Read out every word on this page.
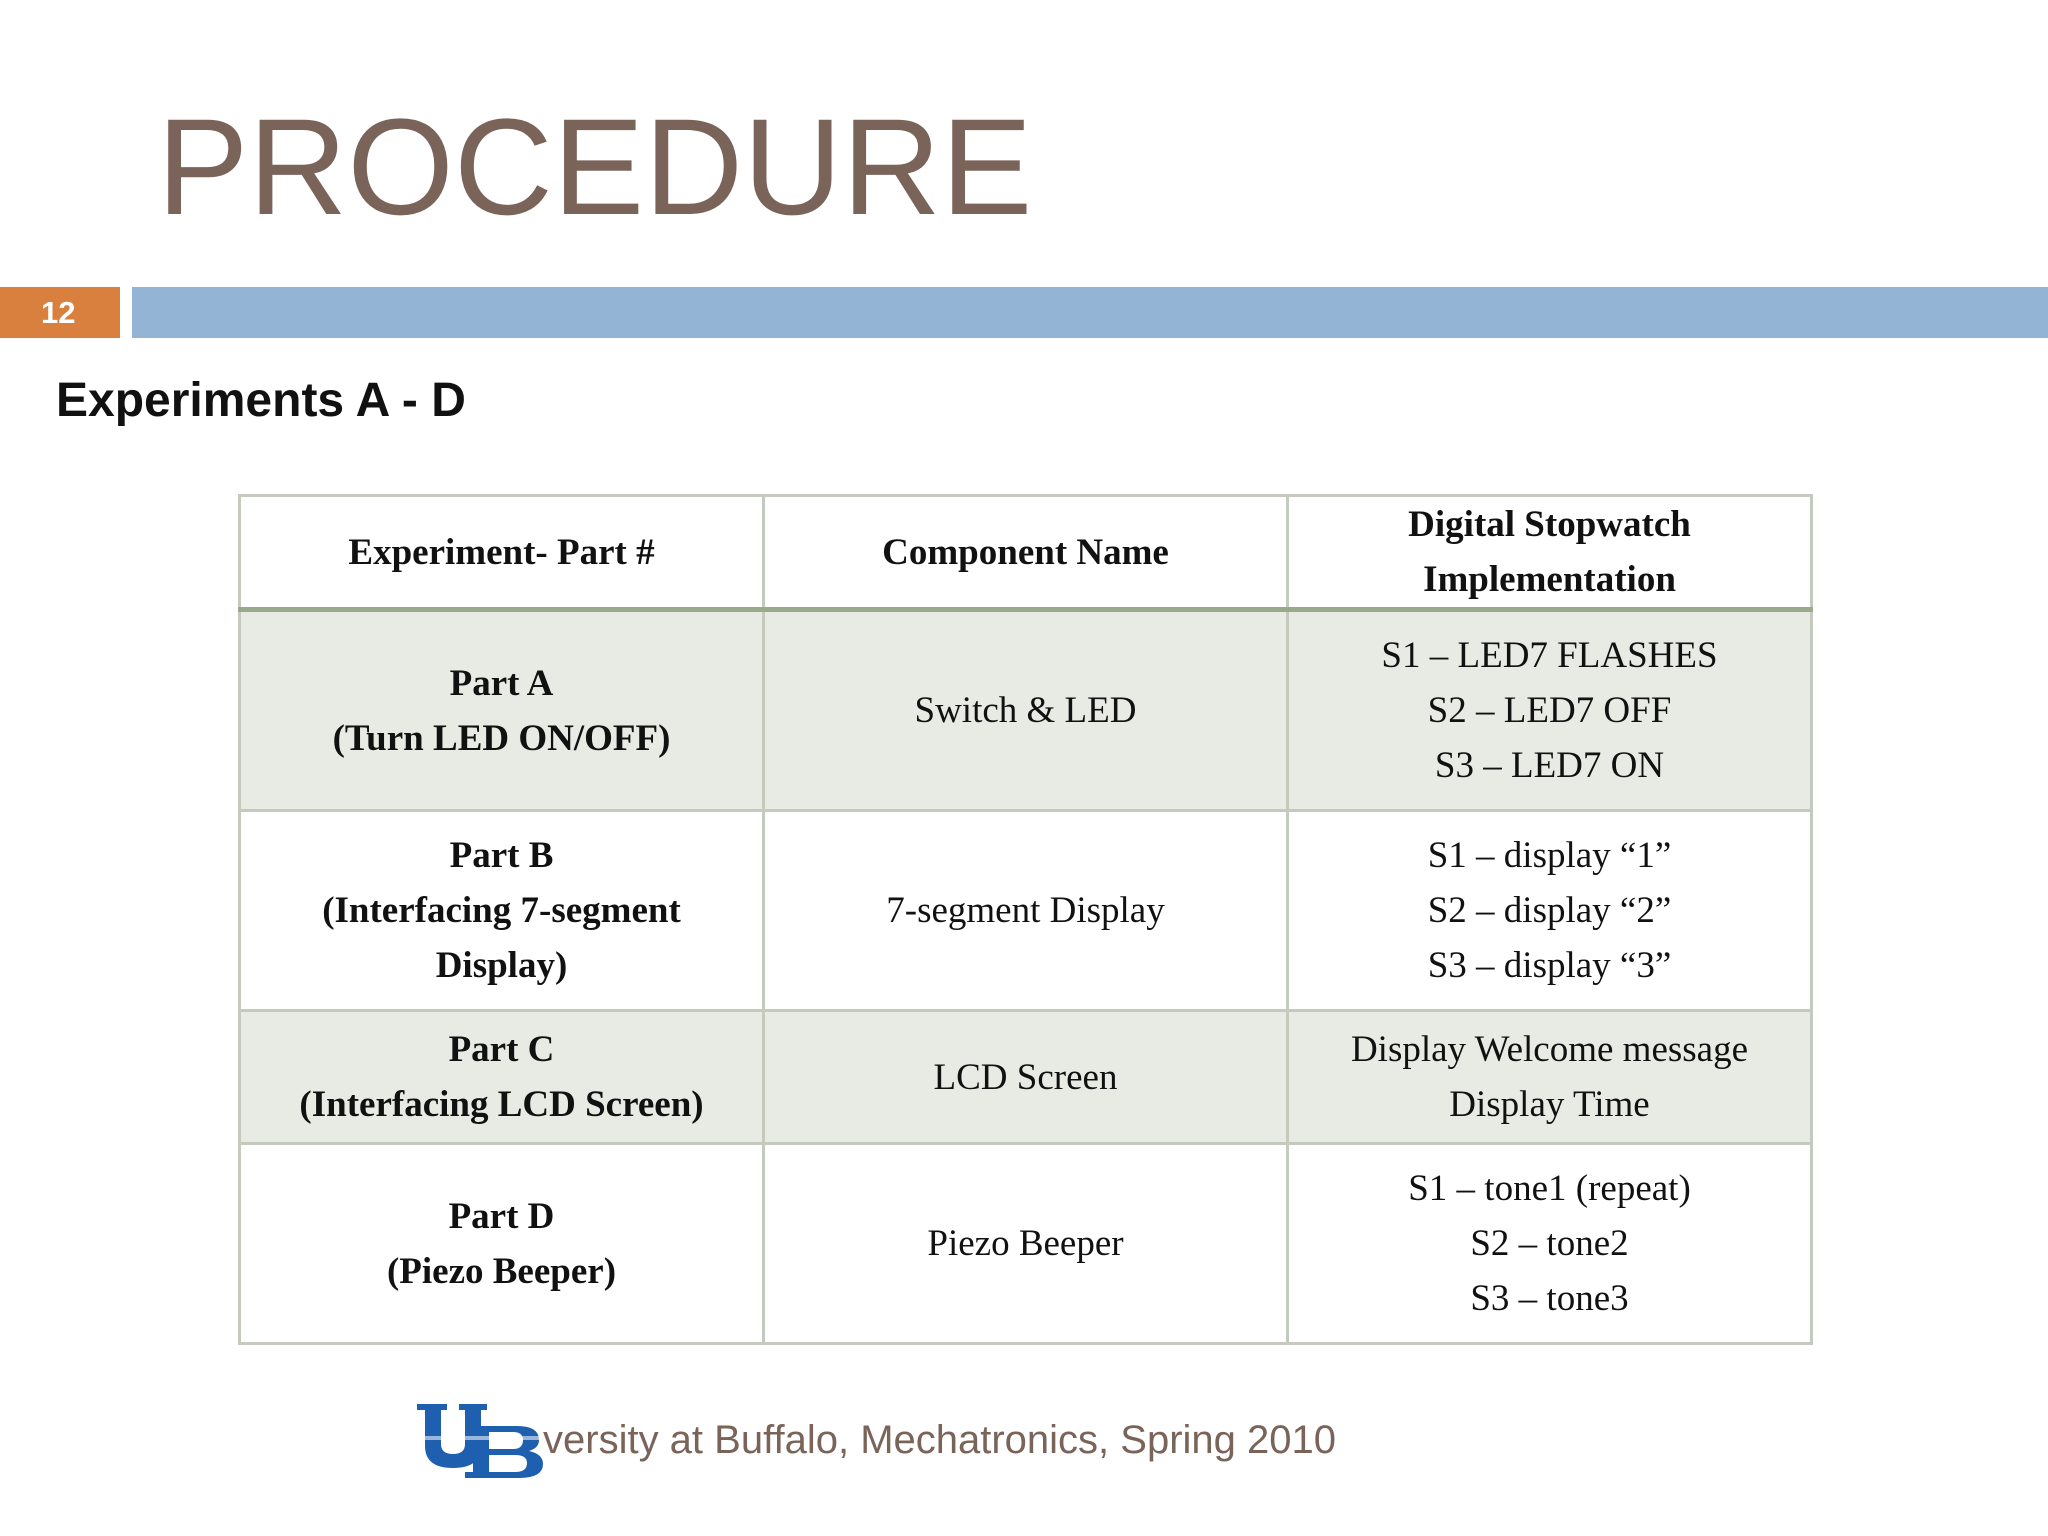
PROCEDURE
12
Experiments A - D
Experiment- Part #	Component Name	Digital Stopwatch
Implementation

Part A
(Turn LED ON/OFF)	Switch & LED	S1 – LED7 FLASHES
S2 – LED7 OFF
S3 – LED7 ON

Part B
(Interfacing 7-segment
Display)	7-segment Display	S1 – display “1”
S2 – display “2”
S3 – display “3”

Part C
(Interfacing LCD Screen)	LCD Screen	Display Welcome message
Display Time

Part D
(Piezo Beeper)	Piezo Beeper	S1 – tone1 (repeat)
S2 – tone2
S3 – tone3
versity at Buffalo, Mechatronics, Spring 2010
